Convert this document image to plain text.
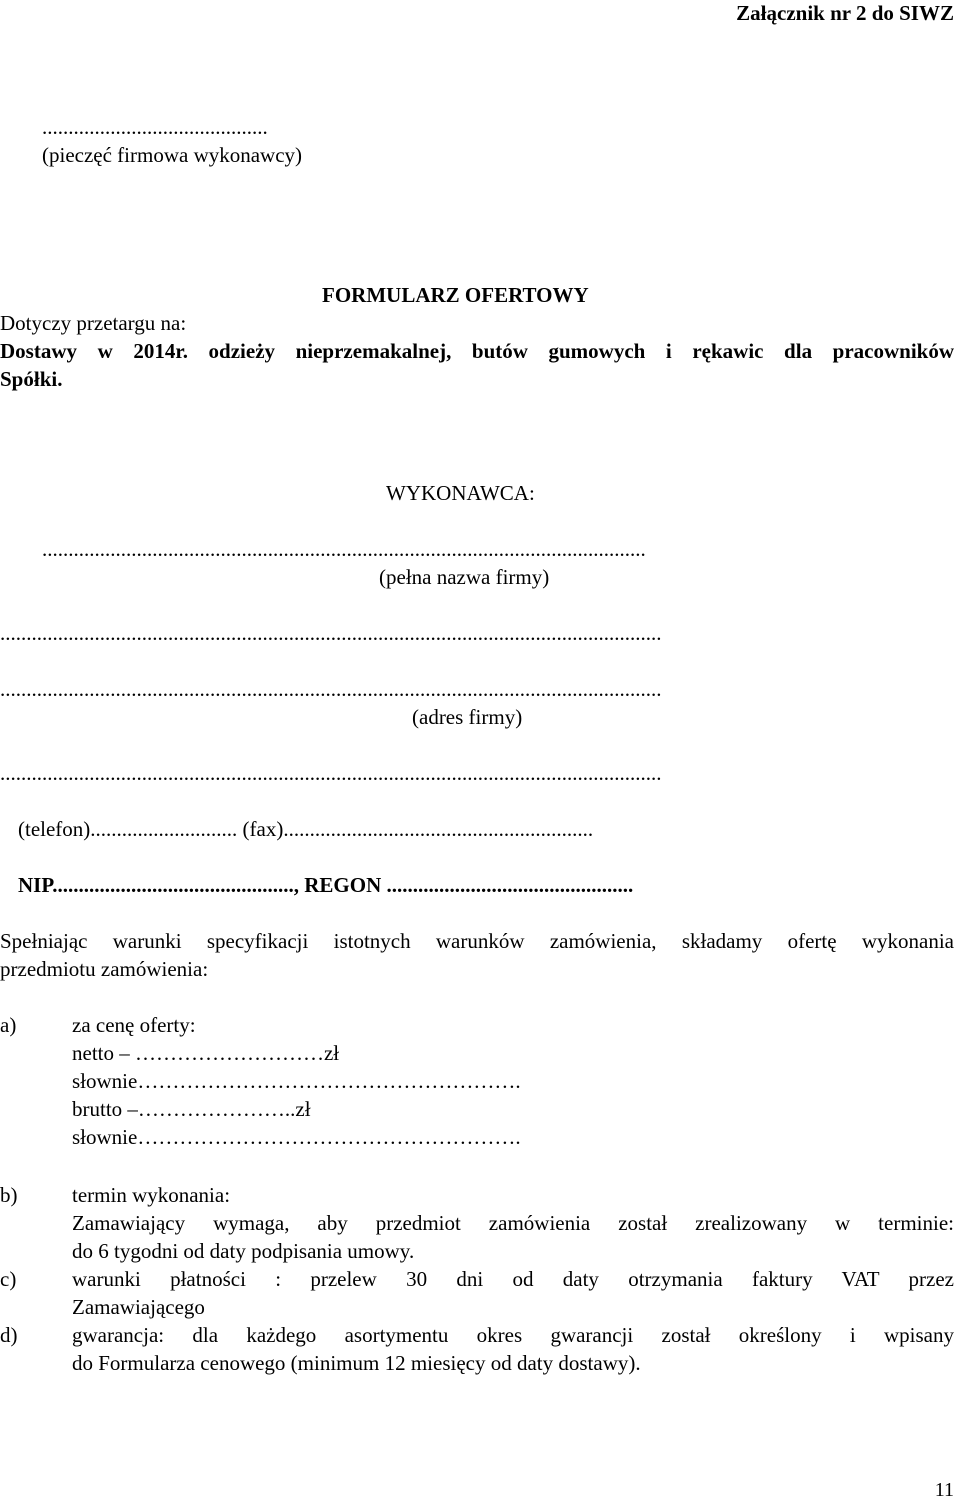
Załącznik nr 2 do SIWZ
...........................................
(pieczęć firmowa wykonawcy)
FORMULARZ OFERTOWY
Dotyczy przetargu na:
Dostawy w 2014r. odzieży nieprzemakalnej, butów gumowych i rękawic dla pracowników
Spółki.
WYKONAWCA:
...................................................................................................................
(pełna nazwa firmy)
..............................................................................................................................
..............................................................................................................................
(adres firmy)
..............................................................................................................................
(telefon)............................ (fax)...........................................................
NIP.............................................., REGON ...............................................
Spełniając warunki specyfikacji istotnych warunków zamówienia, składamy ofertę wykonania
przedmiotu zamówienia:
a)	za cenę oferty:
netto – ………………………zł
słownie……………………………………………….
brutto –…………………..zł
słownie……………………………………………….
b)	termin wykonania:
Zamawiający wymaga, aby przedmiot zamówienia został zrealizowany w terminie:
do 6 tygodni od daty podpisania umowy.
c)	warunki płatności : przelew 30 dni od daty otrzymania faktury VAT przez
Zamawiającego
d)	gwarancja: dla każdego asortymentu okres gwarancji został określony i wpisany
do Formularza cenowego (minimum 12 miesięcy od daty dostawy).
11
